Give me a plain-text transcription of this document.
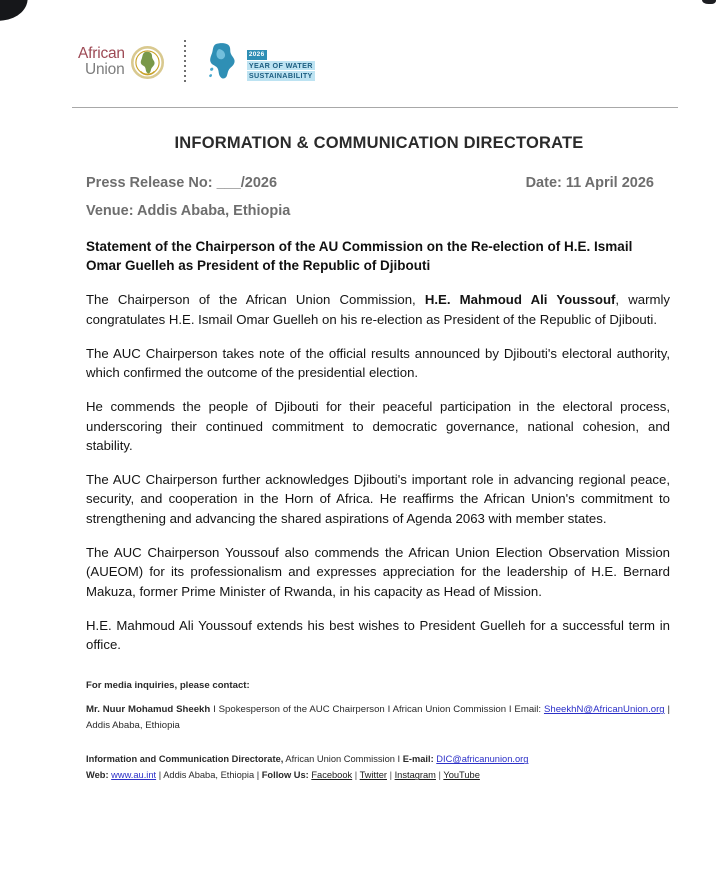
African
Union
2026
YEAR OF WATER
SUSTAINABILITY
INFORMATION & COMMUNICATION DIRECTORATE
Press Release No: ___/2026	Date: 11 April 2026
Venue: Addis Ababa, Ethiopia
Statement of the Chairperson of the AU Commission on the Re-election of H.E. Ismail Omar Guelleh as President of the Republic of Djibouti

The Chairperson of the African Union Commission, H.E. Mahmoud Ali Youssouf, warmly congratulates H.E. Ismail Omar Guelleh on his re-election as President of the Republic of Djibouti.

The AUC Chairperson takes note of the official results announced by Djibouti's electoral authority, which confirmed the outcome of the presidential election.

He commends the people of Djibouti for their peaceful participation in the electoral process, underscoring their continued commitment to democratic governance, national cohesion, and stability.

The AUC Chairperson further acknowledges Djibouti's important role in advancing regional peace, security, and cooperation in the Horn of Africa. He reaffirms the African Union's commitment to strengthening and advancing the shared aspirations of Agenda 2063 with member states.

The AUC Chairperson Youssouf also commends the African Union Election Observation Mission (AUEOM) for its professionalism and expresses appreciation for the leadership of H.E. Bernard Makuza, former Prime Minister of Rwanda, in his capacity as Head of Mission.

H.E. Mahmoud Ali Youssouf extends his best wishes to President Guelleh for a successful term in office.

For media inquiries, please contact:
Mr. Nuur Mohamud Sheekh I Spokesperson of the AUC Chairperson I African Union Commission I Email: SheekhN@AfricanUnion.org | Addis Ababa, Ethiopia
Information and Communication Directorate, African Union Commission I E-mail: DIC@africanunion.org
Web: www.au.int | Addis Ababa, Ethiopia | Follow Us: Facebook | Twitter | Instagram | YouTube
